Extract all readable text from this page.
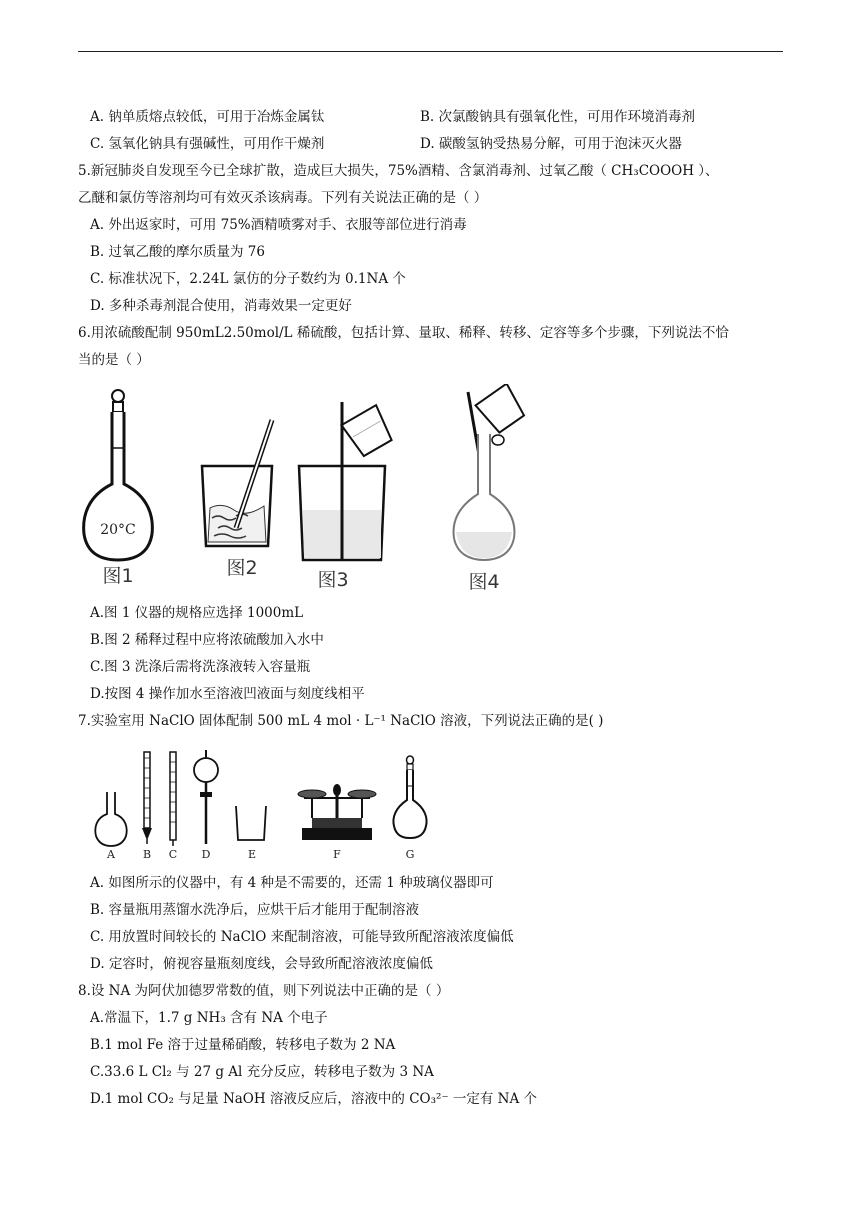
A. 钠单质熔点较低，可用于冶炼金属钛	B. 次氯酸钠具有强氧化性，可用作环境消毒剂
C. 氢氧化钠具有强碱性，可用作干燥剂	D. 碳酸氢钠受热易分解，可用于泡沫灭火器
5.新冠肺炎自发现至今已全球扩散，造成巨大损失，75%酒精、含氯消毒剂、过氧乙酸（ CH₃COOOH ）、
乙醚和氯仿等溶剂均可有效灭杀该病毒。下列有关说法正确的是（ ）
A. 外出返家时，可用 75%酒精喷雾对手、衣服等部位进行消毒
B. 过氧乙酸的摩尔质量为 76
C. 标准状况下，2.24L 氯仿的分子数约为 0.1NA 个
D. 多种杀毒剂混合使用，消毒效果一定更好
6.用浓硫酸配制 950mL2.50mol/L 稀硫酸，包括计算、量取、稀释、转移、定容等多个步骤，下列说法不恰
当的是（ ）
20°C
图1	图2
图3	图4
A.图 1 仪器的规格应选择 1000mL
B.图 2 稀释过程中应将浓硫酸加入水中
C.图 3 洗涤后需将洗涤液转入容量瓶
D.按图 4 操作加水至溶液凹液面与刻度线相平
7.实验室用 NaClO 固体配制 500 mL 4 mol · L⁻¹ NaClO 溶液，下列说法正确的是( )
A	B C D	E	F	G
A. 如图所示的仪器中，有 4 种是不需要的，还需 1 种玻璃仪器即可
B. 容量瓶用蒸馏水洗净后，应烘干后才能用于配制溶液
C. 用放置时间较长的 NaClO 来配制溶液，可能导致所配溶液浓度偏低
D. 定容时，俯视容量瓶刻度线，会导致所配溶液浓度偏低
8.设 NA 为阿伏加德罗常数的值，则下列说法中正确的是（ ）
A.常温下，1.7 g NH₃ 含有 NA 个电子
B.1 mol Fe 溶于过量稀硝酸，转移电子数为 2 NA
C.33.6 L Cl₂ 与 27 g Al 充分反应，转移电子数为 3 NA
D.1 mol CO₂ 与足量 NaOH 溶液反应后，溶液中的 CO₃²⁻ 一定有 NA 个
